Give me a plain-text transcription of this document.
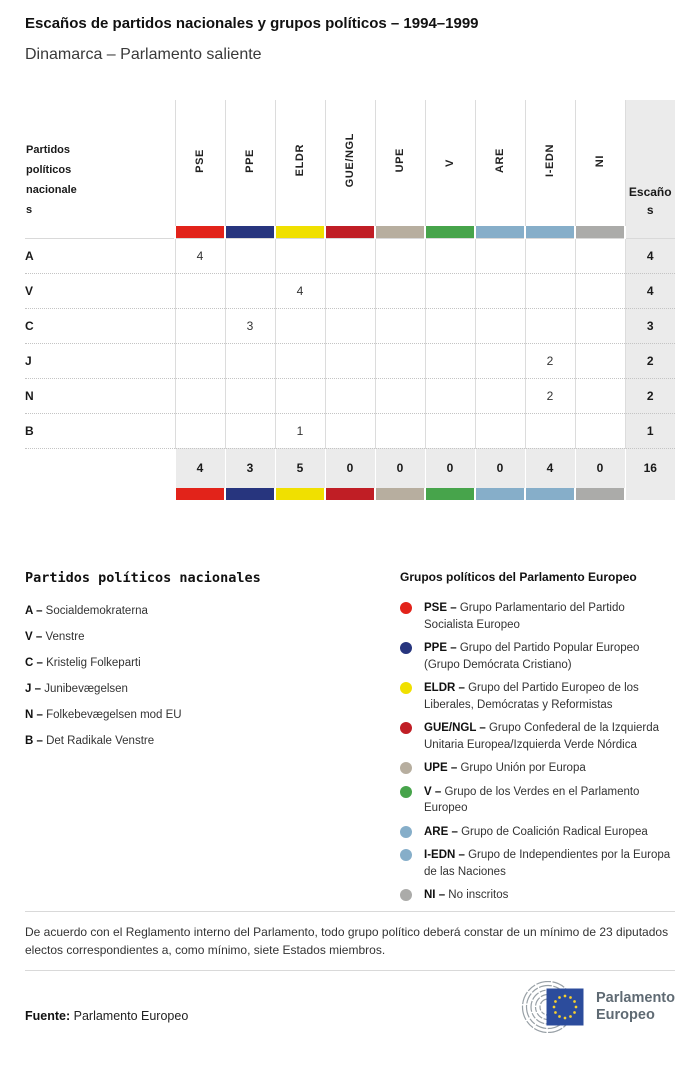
Escaños de partidos nacionales y grupos políticos – 1994–1999
Dinamarca – Parlamento saliente
Partidos políticos nacionales	PSE	PPE	ELDR	GUE/NGL	UPE	V	ARE	I-EDN	NI	Escaños

A	4									4
V			4							4
C		3								3
J								2		2
N								2		2
B			1							1
	4	3	5	0	0	0	0	4	0	16

Partidos políticos nacionales

A – Socialdemokraterna
V – Venstre
C – Kristelig Folkeparti
J – Junibevægelsen
N – Folkebevægelsen mod EU
B – Det Radikale Venstre

Grupos políticos del Parlamento Europeo

PSE – Grupo Parlamentario del Partido Socialista Europeo
PPE – Grupo del Partido Popular Europeo (Grupo Demócrata Cristiano)
ELDR – Grupo del Partido Europeo de los Liberales, Demócratas y Reformistas
GUE/NGL – Grupo Confederal de la Izquierda Unitaria Europea/Izquierda Verde Nórdica
UPE – Grupo Unión por Europa
V – Grupo de los Verdes en el Parlamento Europeo
ARE – Grupo de Coalición Radical Europea
I-EDN – Grupo de Independientes por la Europa de las Naciones
NI – No inscritos

De acuerdo con el Reglamento interno del Parlamento, todo grupo político deberá constar de un mínimo de 23 diputados electos correspondientes a, como mínimo, siete Estados miembros.

Fuente: Parlamento Europeo
Parlamento
Europeo
